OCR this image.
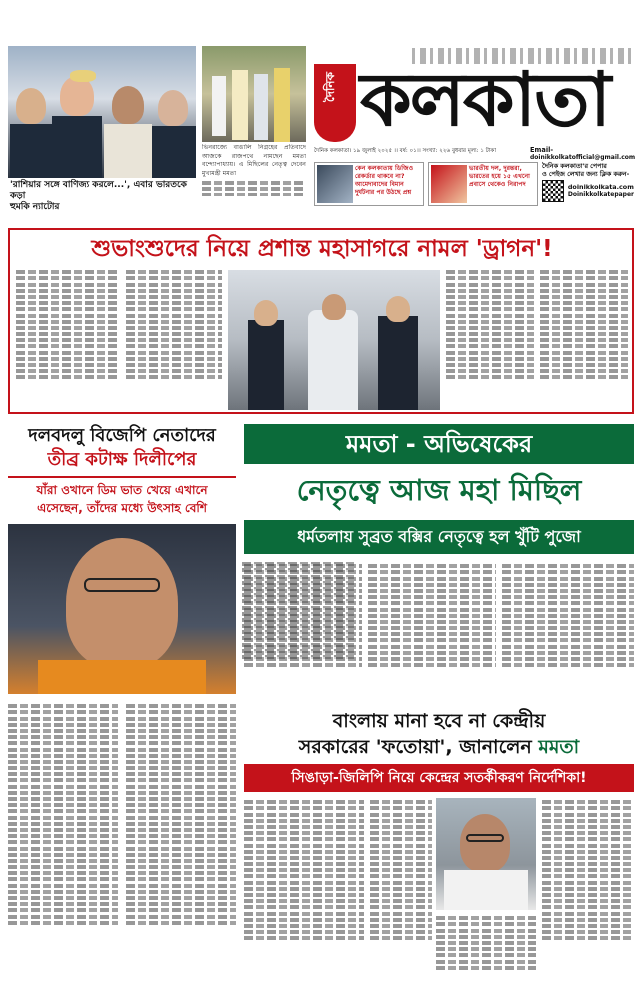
'রাশিয়ার সঙ্গে বাণিজ্য করলে...', এবার ভারতকে কড়া
হুমকি ন্যাটোর
ভিনরাজ্যে বাঙালি নিগ্রহের প্রতিবাদে আজকে রাজপথে নামছেন মমতা বন্দ্যোপাধ্যায়। এ মিছিলের নেতৃত্ব দেবেন মুখ্যমন্ত্রী মমতা
দৈনিক কলকাতা
দৈনিক কলকাতা। ১৯ জুলাই ২০২৫ ।। বর্ষ: ০১।। সংখ্যা: ২২৬ বুধবার মূল্য: ১ টাকা	Email-
doinikkolkatofficial@gmail.com
কেন কলকাতায় ডিজিও রেকর্ডার থাকবে না? আমেদাবাদের বিমান দুর্ঘটনার পর উঠছে প্রশ্ন
ভারতীয় দল, দুরন্তরা, ভারতের হয়ে ১৫ এখনো প্রবাসে থেকেও নিরাপদ
দৈনিক কলকাতা'র পেপার
ও পেইজ লেখার জন্য ক্লিক করুন-
doinikkolkata.com
Doinikkolkatepaper
শুভাংশুদের নিয়ে প্রশান্ত মহাসাগরে নামল 'ড্রাগন'!
দলবদলু বিজেপি নেতাদের
তীব্র কটাক্ষ দিলীপের
যাঁরা ওখানে ডিম ভাত খেয়ে এখানে
এসেছেন, তাঁদের মধ্যে উৎসাহ বেশি
মমতা - অভিষেকের
নেতৃত্বে আজ মহা মিছিল
ধর্মতলায় সুব্রত বক্সির নেতৃত্বে হল খুঁটি পুজো
বাংলায় মানা হবে না কেন্দ্রীয়
সরকারের 'ফতোয়া', জানালেন মমতা
সিঙাড়া-জিলিপি নিয়ে কেন্দ্রের সতর্কীকরণ নির্দেশিকা!
